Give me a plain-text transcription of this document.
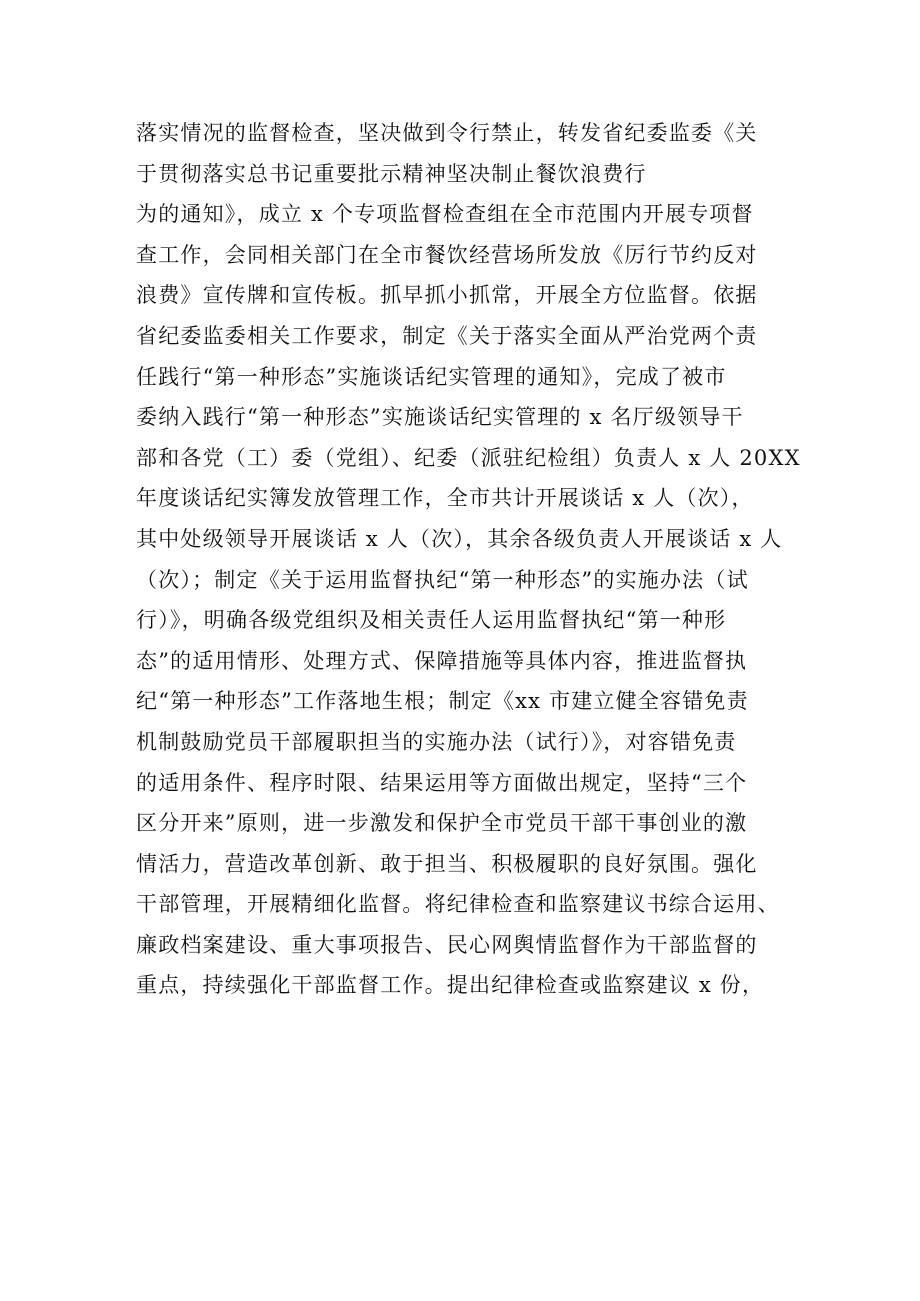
落实情况的监督检查，坚决做到令行禁止，转发省纪委监委《关
于贯彻落实总书记重要批示精神坚决制止餐饮浪费行
为的通知》，成立 x 个专项监督检查组在全市范围内开展专项督
查工作，会同相关部门在全市餐饮经营场所发放《厉行节约反对
浪费》宣传牌和宣传板。抓早抓小抓常，开展全方位监督。依据
省纪委监委相关工作要求，制定《关于落实全面从严治党两个责
任践行“第一种形态”实施谈话纪实管理的通知》，完成了被市
委纳入践行“第一种形态”实施谈话纪实管理的 x 名厅级领导干
部和各党（工）委（党组）、纪委（派驻纪检组）负责人 x 人 20XX
年度谈话纪实簿发放管理工作，全市共计开展谈话 x 人（次），
其中处级领导开展谈话 x 人（次），其余各级负责人开展谈话 x 人
（次）；制定《关于运用监督执纪“第一种形态”的实施办法（试
行）》，明确各级党组织及相关责任人运用监督执纪“第一种形
态”的适用情形、处理方式、保障措施等具体内容，推进监督执
纪“第一种形态”工作落地生根；制定《xx 市建立健全容错免责
机制鼓励党员干部履职担当的实施办法（试行）》，对容错免责
的适用条件、程序时限、结果运用等方面做出规定，坚持“三个
区分开来”原则，进一步激发和保护全市党员干部干事创业的激
情活力，营造改革创新、敢于担当、积极履职的良好氛围。强化
干部管理，开展精细化监督。将纪律检查和监察建议书综合运用、
廉政档案建设、重大事项报告、民心网舆情监督作为干部监督的
重点，持续强化干部监督工作。提出纪律检查或监察建议 x 份，
